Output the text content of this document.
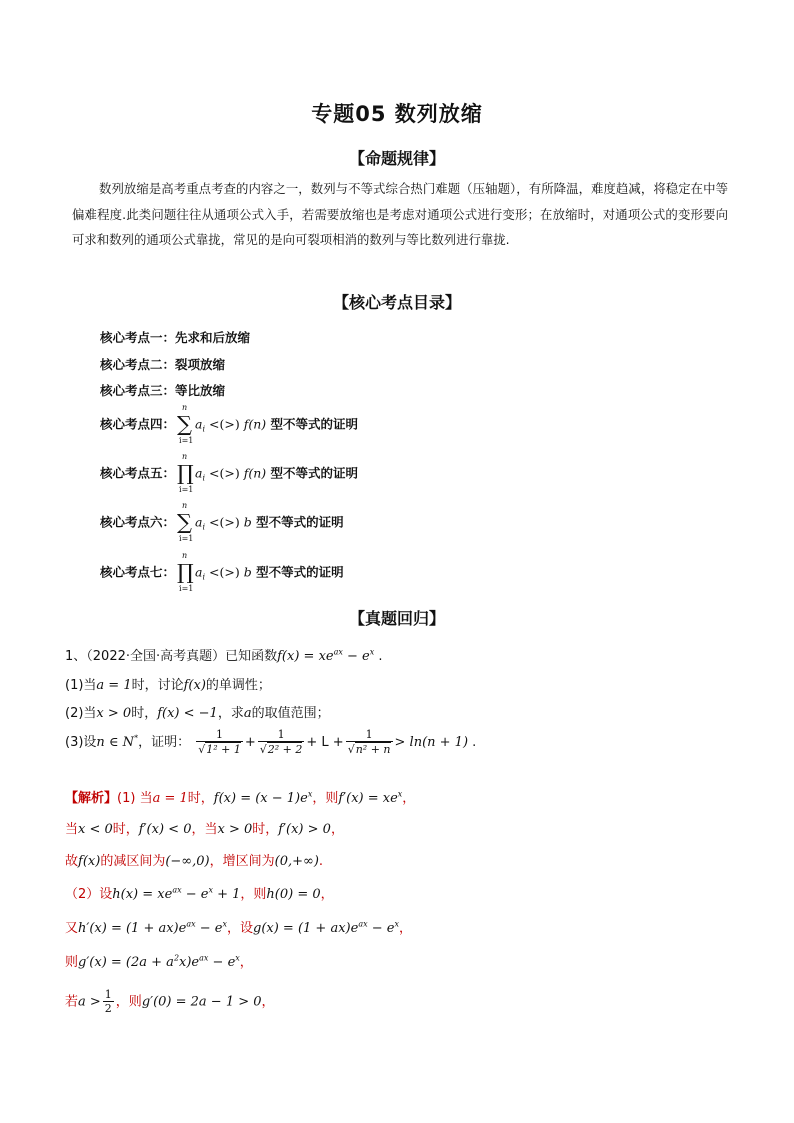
专题05 数列放缩
【命题规律】
数列放缩是高考重点考查的内容之一，数列与不等式综合热门难题（压轴题），有所降温，难度趋减，将稳定在中等偏难程度.此类问题往往从通项公式入手，若需要放缩也是考虑对通项公式进行变形；在放缩时，对通项公式的变形要向可求和数列的通项公式靠拢，常见的是向可裂项相消的数列与等比数列进行靠拢.
【核心考点目录】
核心考点一：先求和后放缩
核心考点二：裂项放缩
核心考点三：等比放缩
核心考点四：
n
∑
i=1
$a_i$ <(>) f(n) 型不等式的证明
核心考点五：
n
∏
i=1
$a_i$ <(>) f(n) 型不等式的证明
核心考点六：
n
∑
i=1
$a_i$ <(>) b 型不等式的证明
核心考点七：
n
∏
i=1
$a_i$ <(>) b 型不等式的证明
【真题回归】
1、（2022·全国·高考真题）已知函数$f(x) = xe^{ax} - e^x$ .
(1)当a = 1时，讨论f(x)的单调性；
(2)当x > 0时，f(x) < −1，求a的取值范围；
(3)设n ∈ N*，证明： $\frac{1}{\text{√1² + 1}} + \frac{1}{\text{√2² + 2}} + L + \frac{1}{\text{√n² + n}} > \ln(n + 1)$ .
【解析】(1) 当a = 1时，$f(x) = (x - 1)e^x$，则$f'(x) = xe^x$，
当x < 0时，f′(x) < 0，当x > 0时，f′(x) > 0，
故f(x)的减区间为(−∞,0)，增区间为(0,+∞).
（2）设$h(x) = xe^{ax} - e^x + 1$，则h(0) = 0，
又$h'(x) = (1 + ax)e^{ax} - e^x$，设$g(x) = (1 + ax)e^{ax} - e^x$，
则$g'(x) = (2a + a^2x)e^{ax} - e^x$，
若$a > \frac{1}{2}$ ，则g′(0) = 2a − 1 > 0，
